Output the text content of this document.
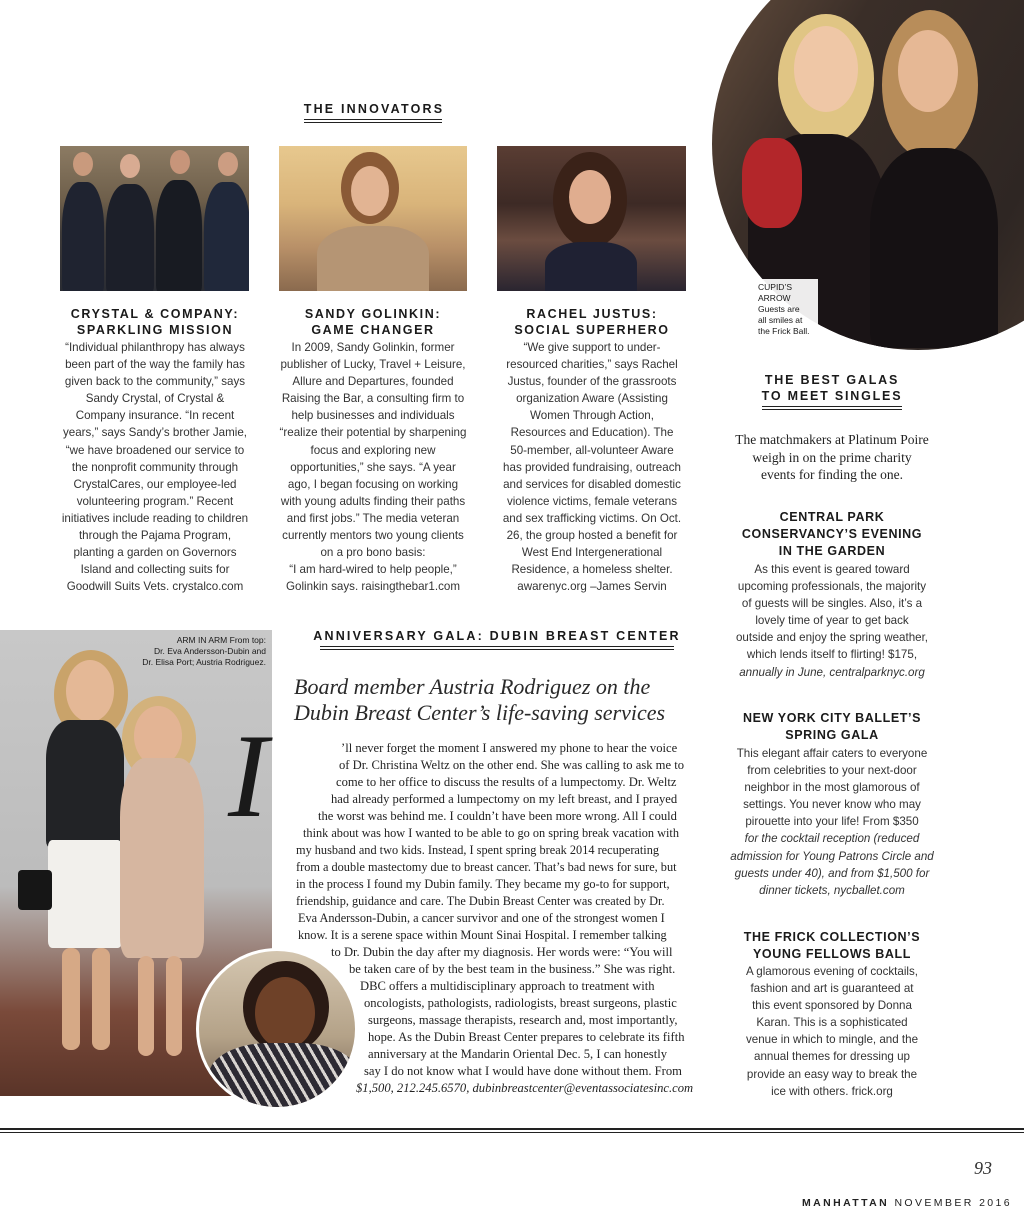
THE INNOVATORS
CUPID’S
ARROW
Guests are
all smiles at
the Frick Ball.
CRYSTAL & COMPANY:
SPARKLING MISSION
“Individual philanthropy has always
been part of the way the family has
given back to the community,” says
Sandy Crystal, of Crystal &
Company insurance. “In recent
years,” says Sandy’s brother Jamie,
“we have broadened our service to
the nonprofit community through
CrystalCares, our employee-led
volunteering program.” Recent
initiatives include reading to children
through the Pajama Program,
planting a garden on Governors
Island and collecting suits for
Goodwill Suits Vets. crystalco.com
SANDY GOLINKIN:
GAME CHANGER
In 2009, Sandy Golinkin, former
publisher of Lucky, Travel + Leisure,
Allure and Departures, founded
Raising the Bar, a consulting firm to
help businesses and individuals
“realize their potential by sharpening
focus and exploring new
opportunities,” she says. “A year
ago, I began focusing on working
with young adults finding their paths
and first jobs.” The media veteran
currently mentors two young clients
on a pro bono basis:
“I am hard-wired to help people,”
Golinkin says. raisingthebar1.com
RACHEL JUSTUS:
SOCIAL SUPERHERO
“We give support to under-
resourced charities,” says Rachel
Justus, founder of the grassroots
organization Aware (Assisting
Women Through Action,
Resources and Education). The
50-member, all-volunteer Aware
has provided fundraising, outreach
and services for disabled domestic
violence victims, female veterans
and sex trafficking victims. On Oct.
26, the group hosted a benefit for
West End Intergenerational
Residence, a homeless shelter.
awarenyc.org –James Servin
THE BEST GALAS
TO MEET SINGLES
The matchmakers at Platinum Poire
weigh in on the prime charity
events for finding the one.
CENTRAL PARK
CONSERVANCY’S EVENING
IN THE GARDEN
As this event is geared toward
upcoming professionals, the majority
of guests will be singles. Also, it’s a
lovely time of year to get back
outside and enjoy the spring weather,
which lends itself to flirting! $175,
annually in June, centralparknyc.org
NEW YORK CITY BALLET’S
SPRING GALA
This elegant affair caters to everyone
from celebrities to your next-door
neighbor in the most glamorous of
settings. You never know who may
pirouette into your life! From $350
for the cocktail reception (reduced
admission for Young Patrons Circle and
guests under 40), and from $1,500 for
dinner tickets, nycballet.com
THE FRICK COLLECTION’S
YOUNG FELLOWS BALL
A glamorous evening of cocktails,
fashion and art is guaranteed at
this event sponsored by Donna
Karan. This is a sophisticated
venue in which to mingle, and the
annual themes for dressing up
provide an easy way to break the
ice with others. frick.org
ARM IN ARM From top:
Dr. Eva Andersson-Dubin and
Dr. Elisa Port; Austria Rodriguez.
ANNIVERSARY GALA: DUBIN BREAST CENTER
Board member Austria Rodriguez on the
Dubin Breast Center’s life-saving services
I	’ll never forget the moment I answered my phone to hear the voice
of Dr. Christina Weltz on the other end. She was calling to ask me to
come to her office to discuss the results of a lumpectomy. Dr. Weltz
had already performed a lumpectomy on my left breast, and I prayed
the worst was behind me. I couldn’t have been more wrong. All I could
think about was how I wanted to be able to go on spring break vacation with
my husband and two kids. Instead, I spent spring break 2014 recuperating
from a double mastectomy due to breast cancer. That’s bad news for sure, but
in the process I found my Dubin family. They became my go-to for support,
friendship, guidance and care. The Dubin Breast Center was created by Dr.
Eva Andersson-Dubin, a cancer survivor and one of the strongest women I
know. It is a serene space within Mount Sinai Hospital. I remember talking
to Dr. Dubin the day after my diagnosis. Her words were: “You will
be taken care of by the best team in the business.” She was right.
DBC offers a multidisciplinary approach to treatment with
oncologists, pathologists, radiologists, breast surgeons, plastic
surgeons, massage therapists, research and, most importantly,
hope. As the Dubin Breast Center prepares to celebrate its fifth
anniversary at the Mandarin Oriental Dec. 5, I can honestly
say I do not know what I would have done without them. From
$1,500, 212.245.6570, dubinbreastcenter@eventassociatesinc.com
93
MANHATTAN NOVEMBER 2016
